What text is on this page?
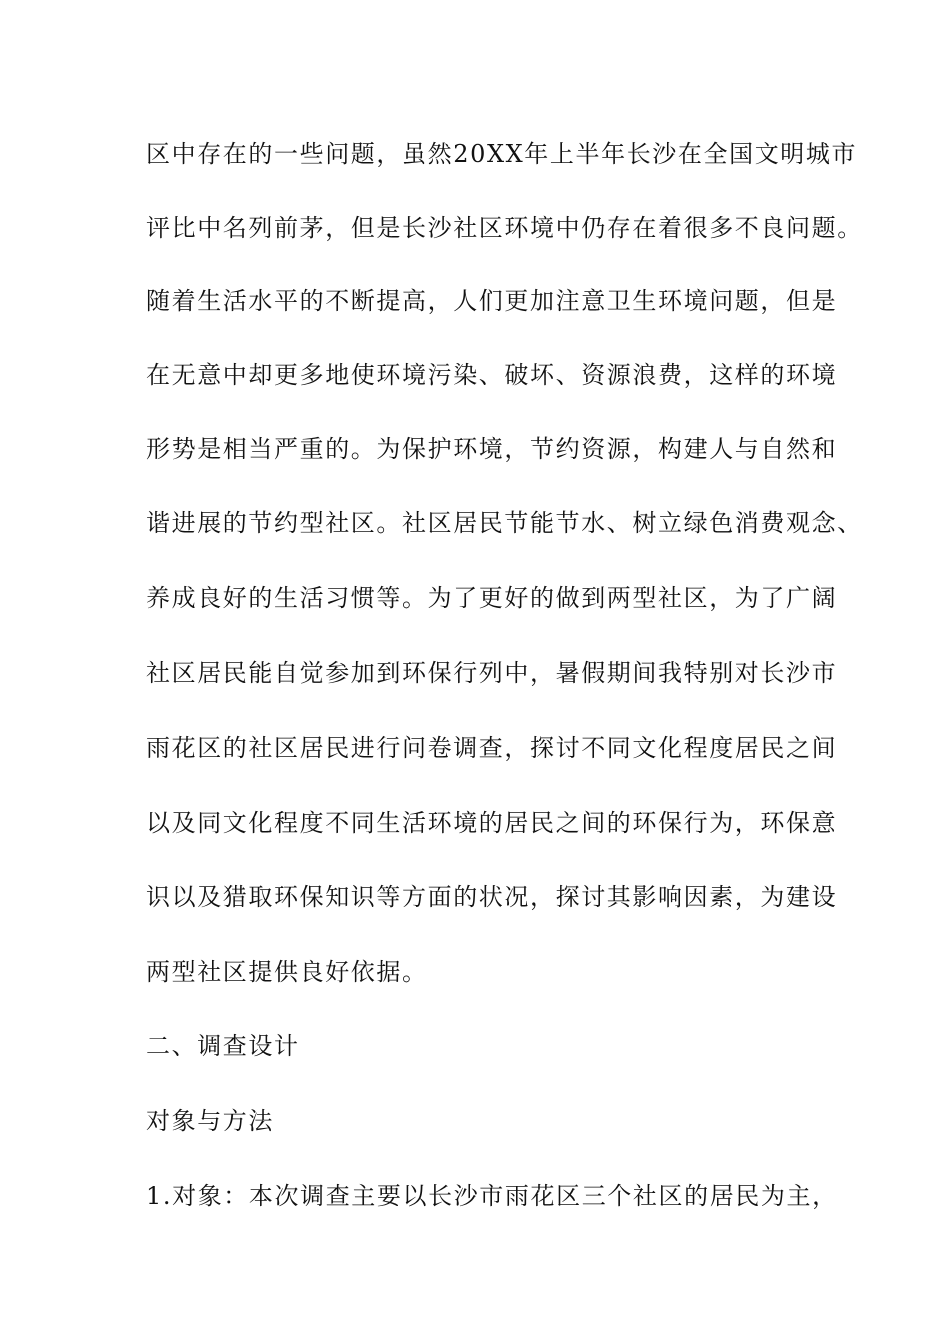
区中存在的一些问题，虽然20XX年上半年长沙在全国文明城市
评比中名列前茅，但是长沙社区环境中仍存在着很多不良问题。
随着生活水平的不断提高，人们更加注意卫生环境问题，但是
在无意中却更多地使环境污染、破坏、资源浪费，这样的环境
形势是相当严重的。为保护环境，节约资源，构建人与自然和
谐进展的节约型社区。社区居民节能节水、树立绿色消费观念、
养成良好的生活习惯等。为了更好的做到两型社区，为了广阔
社区居民能自觉参加到环保行列中，暑假期间我特别对长沙市
雨花区的社区居民进行问卷调查，探讨不同文化程度居民之间
以及同文化程度不同生活环境的居民之间的环保行为，环保意
识以及猎取环保知识等方面的状况，探讨其影响因素，为建设
两型社区提供良好依据。
二、调查设计
对象与方法
1.对象：本次调查主要以长沙市雨花区三个社区的居民为主，
